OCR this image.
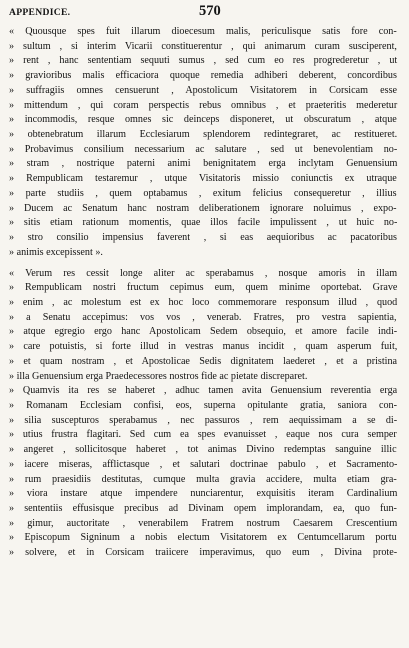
APPENDICE.	570
« Quousque spes fuit illarum dioecesum malis, periculisque satis fore con-
» sultum , si interim Vicarii constituerentur , qui animarum curam susciperent,
» rent , hanc sententiam sequuti sumus , sed cum eo res progrederetur , ut
» gravioribus malis efficaciora quoque remedia adhiberi deberent, concordibus
» suffragiis omnes censuerunt , Apostolicum Visitatorem in Corsicam esse
» mittendum , qui coram perspectis rebus omnibus , et praeteritis mederetur
» incommodis, resque omnes sic deinceps disponeret, ut obscuratum , atque
» obtenebratum illarum Ecclesiarum splendorem redintegraret, ac restitueret.
» Probavimus consilium necessarium ac salutare , sed ut benevolentiam no-
» stram , nostrique paterni animi benignitatem erga inclytam Genuensium
» Rempublicam testaremur , utque Visitatoris missio coniunctis ex utraque
» parte studiis , quem optabamus , exitum felicius consequeretur , illius
» Ducem ac Senatum hanc nostram deliberationem ignorare noluimus , expo-
» sitis etiam rationum momentis, quae illos facile impulissent , ut huic no-
» stro consilio impensius faverent , si eas aequioribus ac pacatoribus
» animis excepissent ».
« Verum res cessit longe aliter ac sperabamus , nosque amoris in illam
» Rempublicam nostri fructum cepimus eum, quem minime oportebat. Grave
» enim , ac molestum est ex hoc loco commemorare responsum illud , quod
» a Senatu accepimus: vos vos , venerab. Fratres, pro vestra sapientia,
» atque egregio ergo hanc Apostolicam Sedem obsequio, et amore facile indi-
» care potuistis, si forte illud in vestras manus incidit , quam asperum fuit,
» et quam nostram , et Apostolicae Sedis dignitatem laederet , et a pristina
» illa Genuensium erga Praedecessores nostros fide ac pietate discreparet.
» Quamvis ita res se haberet , adhuc tamen avita Genuensium reverentia erga
» Romanam Ecclesiam confisi, eos, superna opitulante gratia, saniora con-
» silia suscepturos sperabamus , nec passuros , rem aequissimam a se di-
» utius frustra flagitari. Sed cum ea spes evanuisset , eaque nos cura semper
» angeret , sollicitosque haberet , tot animas Divino redemptas sanguine illic
» iacere miseras, afflictasque , et salutari doctrinae pabulo , et Sacramento-
» rum praesidiis destitutas, cumque multa gravia accidere, multa etiam gra-
» viora instare atque impendere nunciarentur, exquisitis iteram Cardinalium
» sententiis effusisque precibus ad Divinam opem implorandam, ea, quo fun-
» gimur, auctoritate , venerabilem Fratrem nostrum Caesarem Crescentium
» Episcopum Signinum a nobis electum Visitatorem ex Centumcellarum portu
» solvere, et in Corsicam traiicere imperavimus, quo eum , Divina prote-
